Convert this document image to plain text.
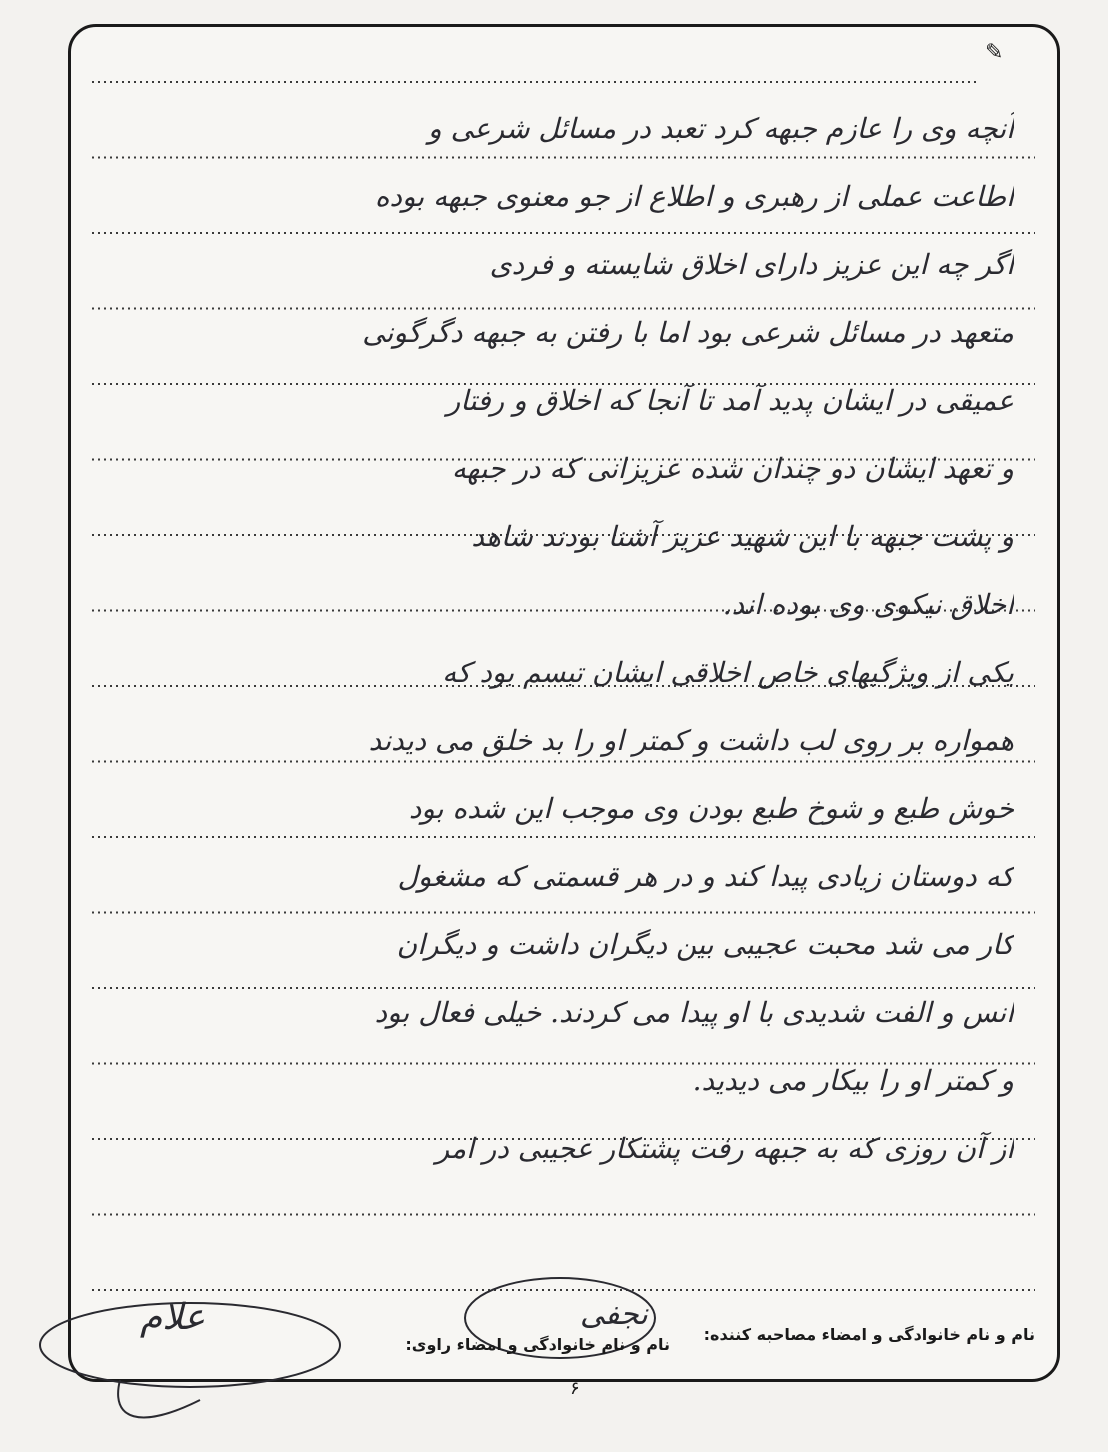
✎
آنچه وی را عازم جبهه کرد تعبد در مسائل شرعی و
اطاعت عملی از رهبری و اطلاع از جو معنوی جبهه بوده
اگر چه این عزیز دارای اخلاق شایسته و فردی
متعهد در مسائل شرعی بود اما با رفتن به جبهه دگرگونی
عمیقی در ایشان پدید آمد تا آنجا که اخلاق و رفتار
و تعهد ایشان دو چندان شده عزیزانی که در جبهه
و پشت جبهه با این شهید عزیز آشنا بودند شاهد
اخلاق نیکوی وی بوده اند.
یکی از ویژگیهای خاص اخلاقی ایشان تبسم بود که
همواره بر روی لب داشت و کمتر او را بد خلق می دیدند
خوش طبع و شوخ طبع بودن وی موجب این شده بود
که دوستان زیادی پیدا کند و در هر قسمتی که مشغول
کار می شد محبت عجیبی بین دیگران داشت و دیگران
انس و الفت شدیدی با او پیدا می کردند. خیلی فعال بود
و کمتر او را بیکار می دیدید.
از آن روزی که به جبهه رفت پشتکار عجیبی در امر
نام و نام خانوادگی و امضاء مصاحبه کننده:
نام و نام خانوادگی و امضاء راوی:
نجفی
علام
۶
